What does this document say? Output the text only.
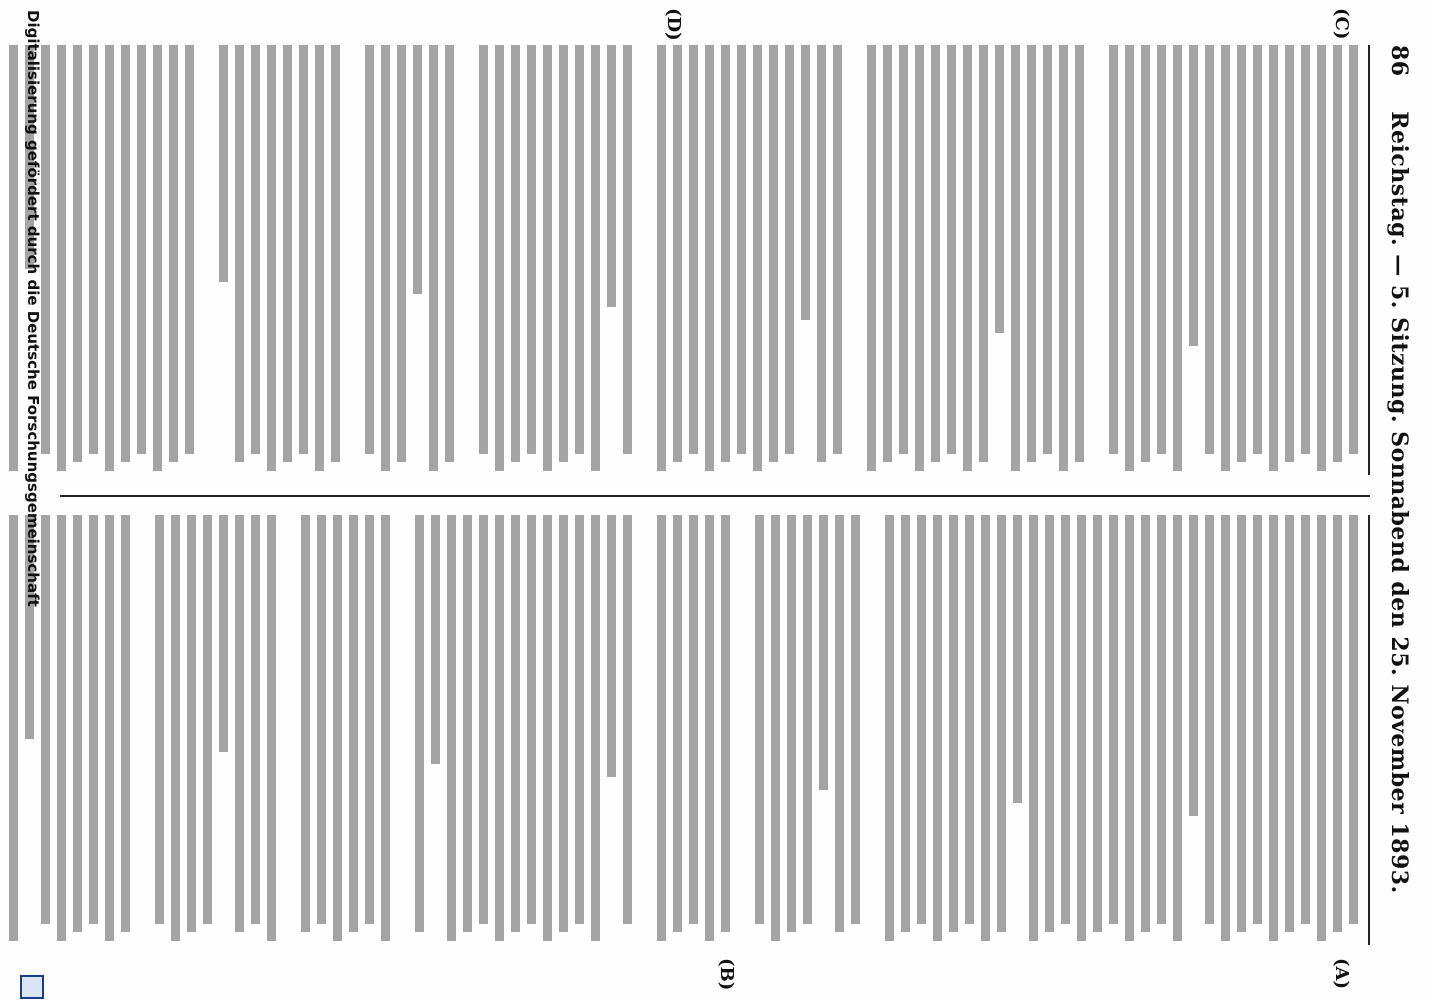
86
Reichstag. — 5. Sitzung. Sonnabend den 25. November 1893.
(C)
(D)
(A)
(B)
Digitalisierung gefördert durch die Deutsche Forschungsgemeinschaft
